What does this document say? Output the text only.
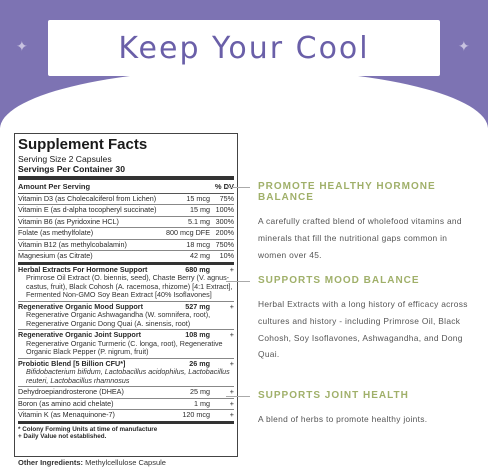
✦	✦
Keep Your Cool
Supplement Facts
Serving Size 2 Capsules
Servings Per Container 30
Amount Per Serving	% DV
Vitamin D3 (as Cholecalciferol from Lichen)	15 mcg	75%
Vitamin E (as d-alpha tocopheryl succinate)	15 mg 100%
Vitamin B6 (as Pyridoxine HCL)	5.1 mg 300%
Folate (as methylfolate)	800 mcg DFE 200%
Vitamin B12 (as methylcobalamin)	18 mcg 750%
Magnesium (as Citrate)	42 mg	10%
Herbal Extracts For Hormone Support	680 mg	+
Primrose Oil Extract (O. biennis, seed), Chaste Berry (V. agnus-castus, fruit), Black Cohosh (A. racemosa, rhizome) [4:1 Extract], Fermented Non-GMO Soy Bean Extract [40% Isoflavones]
Regenerative Organic Mood Support	527 mg	+
Regenerative Organic Ashwagandha (W. somnifera, root), Regenerative Organic Dong Quai (A. sinensis, root)
Regenerative Organic Joint Support	108 mg	+
Regenerative Organic Turmeric (C. longa, root), Regenerative Organic Black Pepper (P. nigrum, fruit)
Probiotic Blend [5 Billion CFU*]	26 mg	+
Bifidobacterium bifidum, Lactobacillus acidophilus, Lactobacillus reuteri, Lactobacillus rhamnosus
Dehydroepiandrosterone (DHEA)	25 mg	+
Boron (as amino acid chelate)	1 mg	+
Vitamin K (as Menaquinone-7)	120 mcg	+
* Colony Forming Units at time of manufacture
+ Daily Value not established.
Other Ingredients: Methylcellulose Capsule
PROMOTE HEALTHY HORMONE BALANCE
A carefully crafted blend of wholefood vitamins and minerals that fill the nutritional gaps common in women over 45.
SUPPORTS MOOD BALANCE
Herbal Extracts with a long history of efficacy across cultures and history - including Primrose Oil, Black Cohosh, Soy Isoflavones, Ashwagandha, and Dong Quai.
SUPPORTS JOINT HEALTH
A blend of herbs to promote healthy joints.
